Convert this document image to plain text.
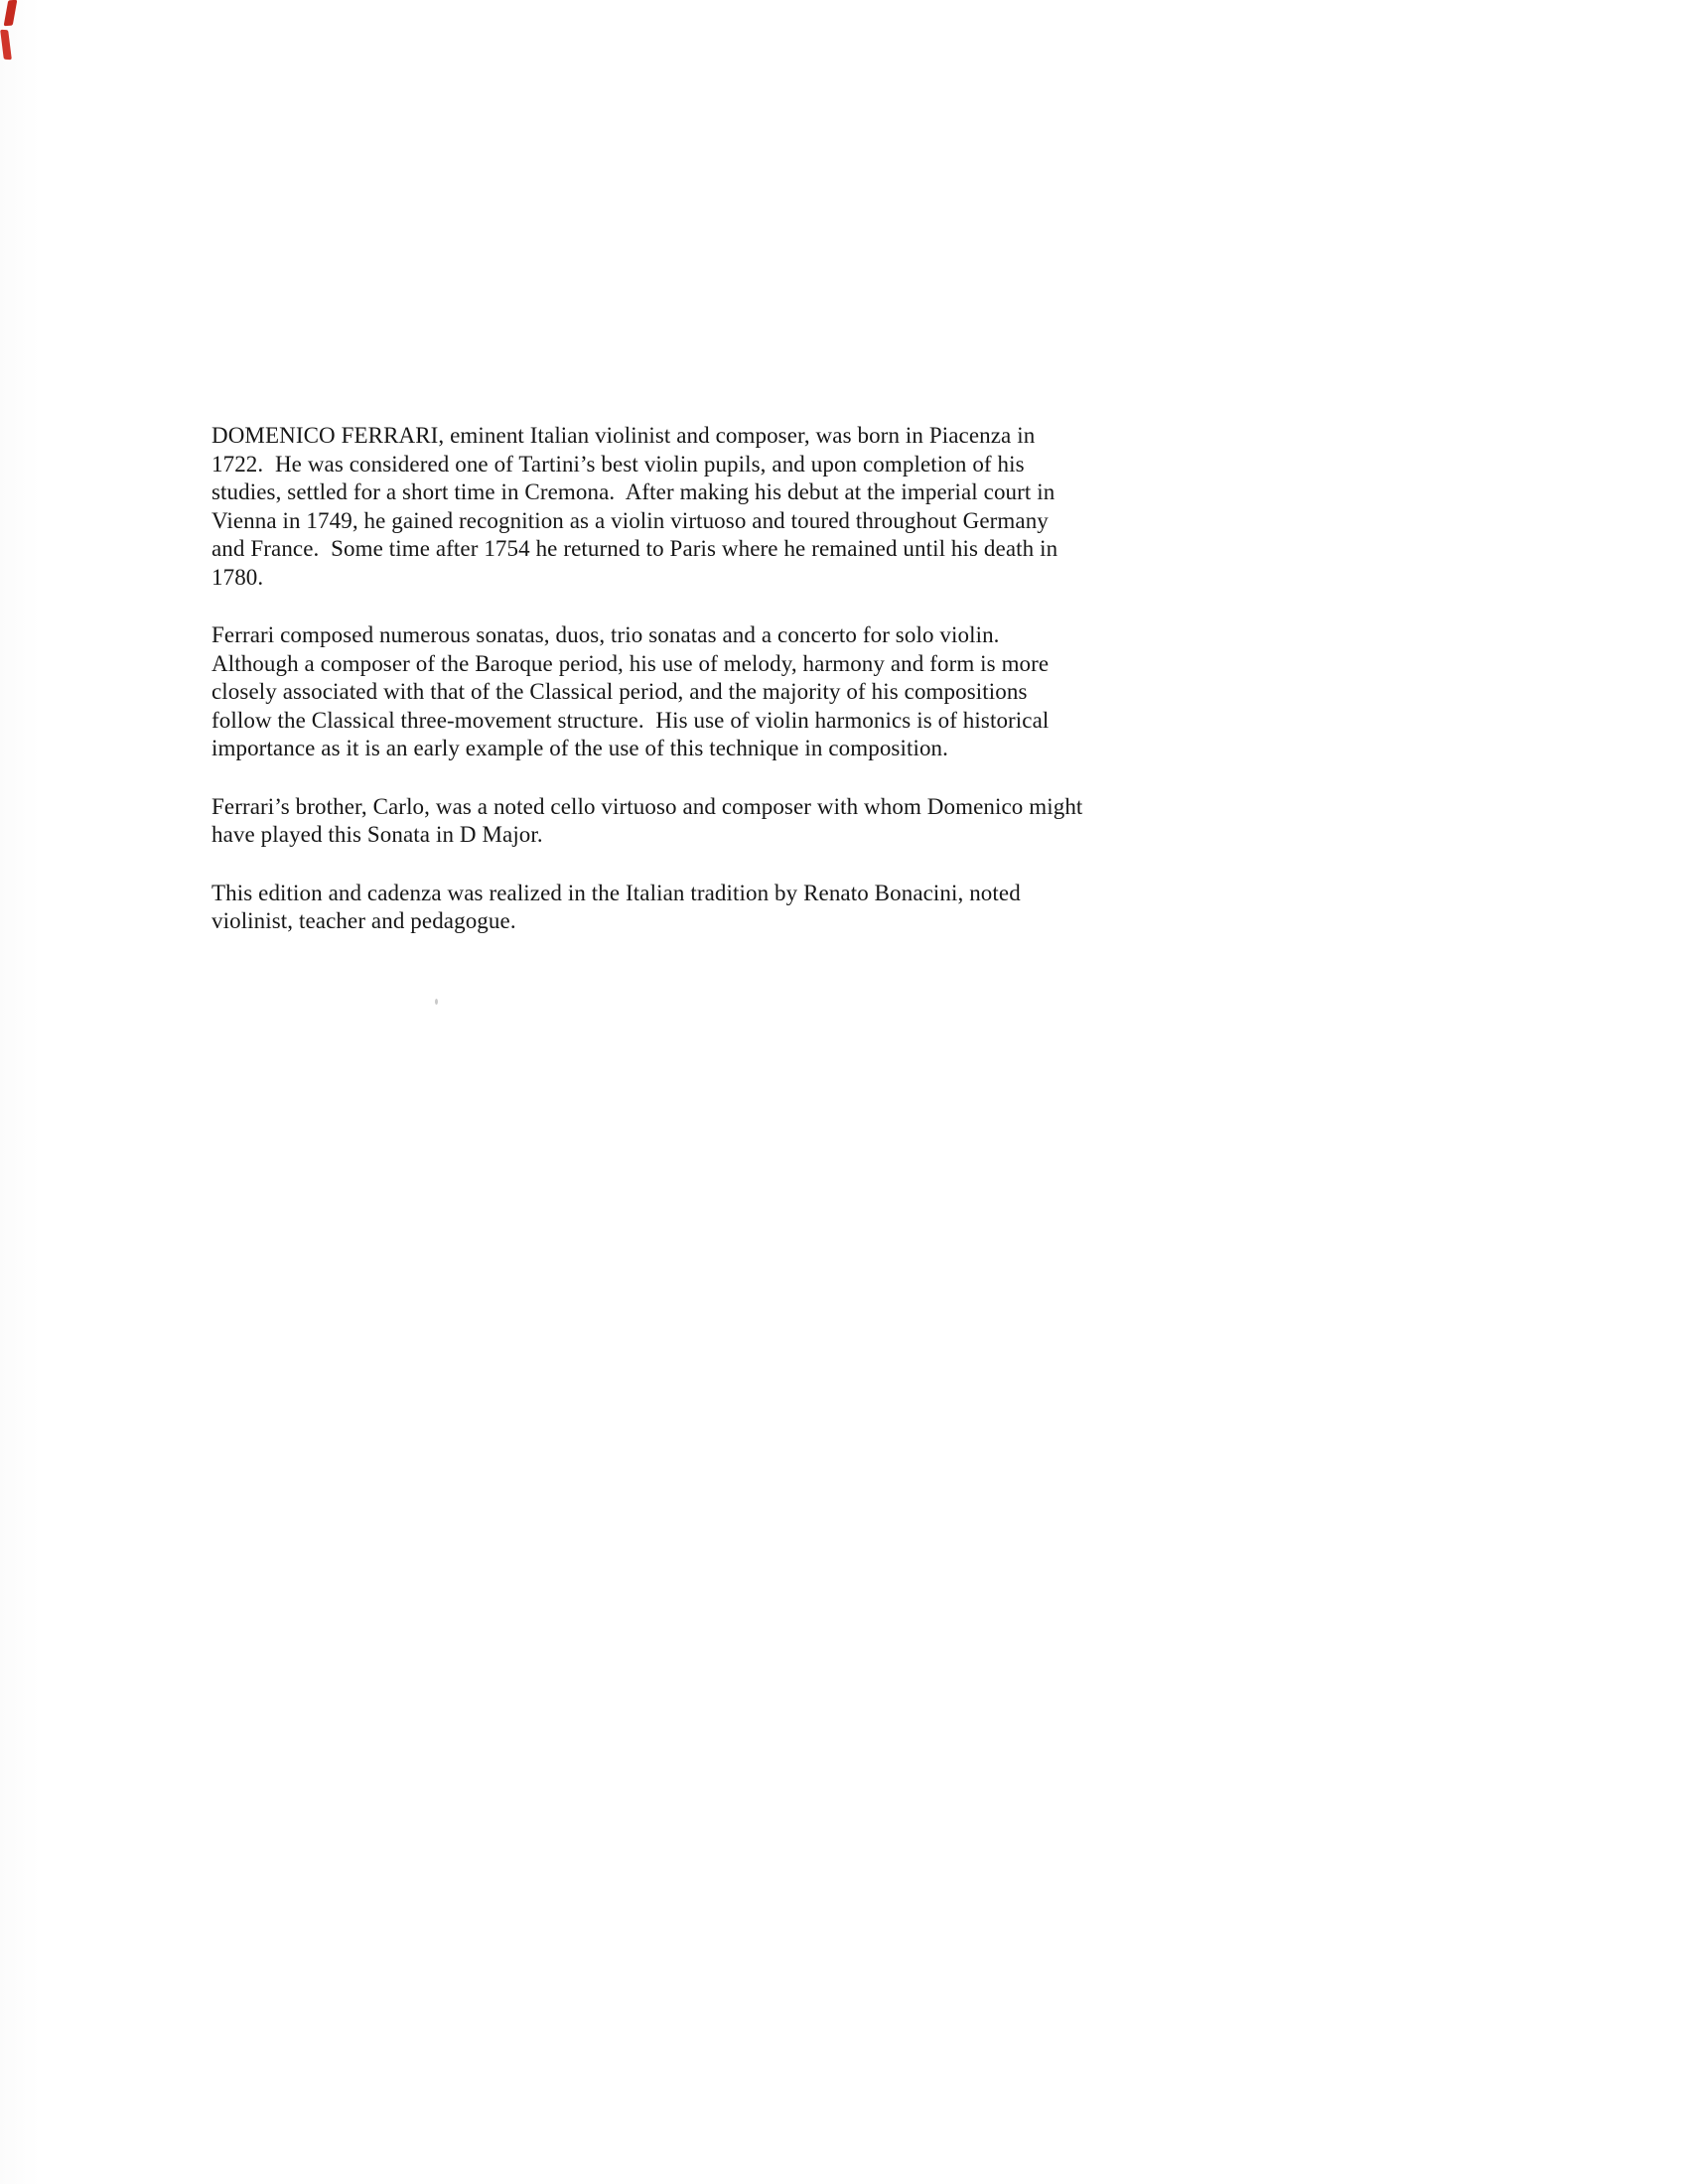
DOMENICO FERRARI, eminent Italian violinist and composer, was born in Piacenza in 1722.  He was considered one of Tartini’s best violin pupils, and upon completion of his studies, settled for a short time in Cremona.  After making his debut at the imperial court in Vienna in 1749, he gained recognition as a violin virtuoso and toured throughout Germany and France.  Some time after 1754 he returned to Paris where he remained until his death in 1780.

Ferrari composed numerous sonatas, duos, trio sonatas and a concerto for solo violin.  Although a composer of the Baroque period, his use of melody, harmony and form is more closely associated with that of the Classical period, and the majority of his compositions follow the Classical three-movement structure.  His use of violin harmonics is of historical importance as it is an early example of the use of this technique in composition.

Ferrari’s brother, Carlo, was a noted cello virtuoso and composer with whom Domenico might have played this Sonata in D Major.

This edition and cadenza was realized in the Italian tradition by Renato Bonacini, noted violinist, teacher and pedagogue.
